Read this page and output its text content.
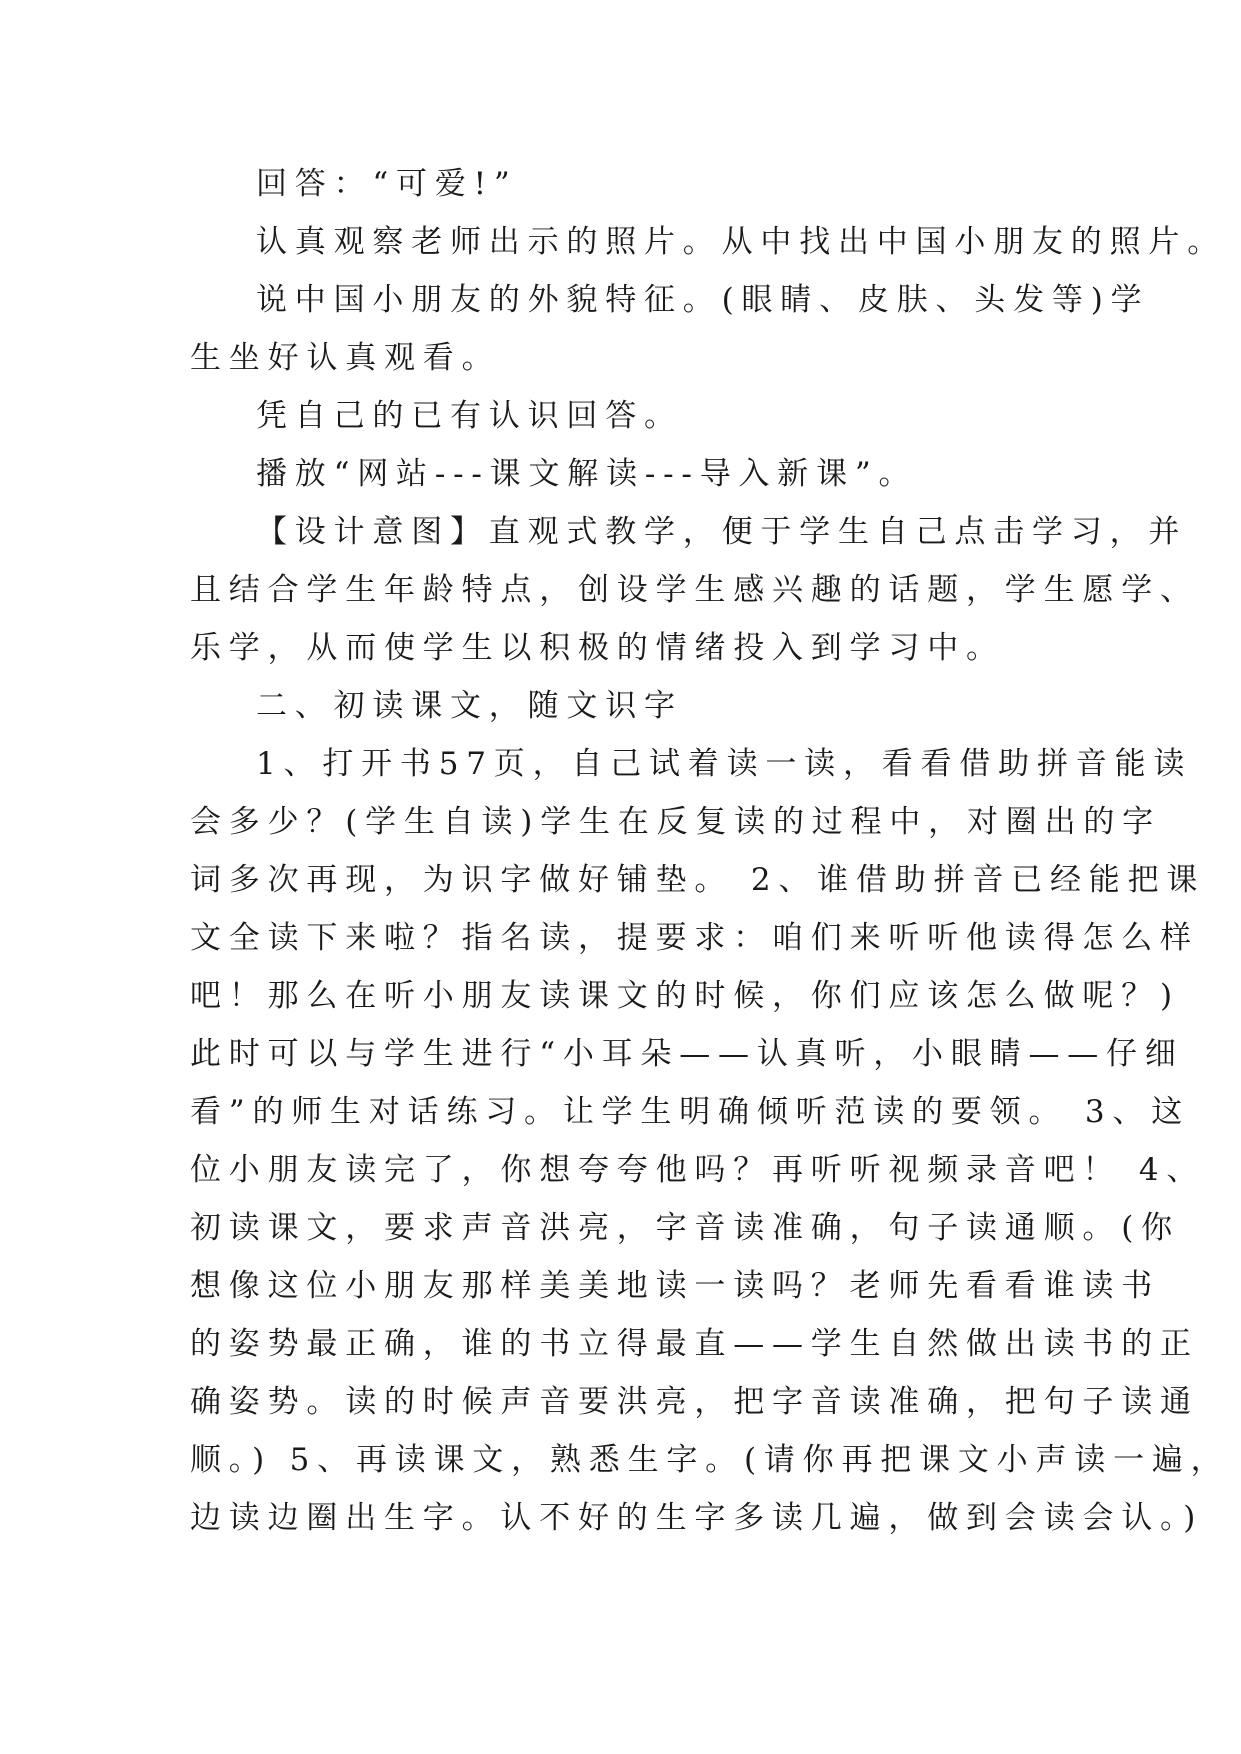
回答：“可爱!”
认真观察老师出示的照片。从中找出中国小朋友的照片。
说中国小朋友的外貌特征。(眼睛、皮肤、头发等)学
生坐好认真观看。
凭自己的已有认识回答。
播放“网站---课文解读---导入新课”。
【设计意图】直观式教学，便于学生自己点击学习，并
且结合学生年龄特点，创设学生感兴趣的话题，学生愿学、
乐学，从而使学生以积极的情绪投入到学习中。
二、初读课文，随文识字
1、打开书57页，自己试着读一读，看看借助拼音能读
会多少？(学生自读)学生在反复读的过程中，对圈出的字
词多次再现，为识字做好铺垫。 2、谁借助拼音已经能把课
文全读下来啦？指名读，提要求：咱们来听听他读得怎么样
吧！那么在听小朋友读课文的时候，你们应该怎么做呢？)
此时可以与学生进行“小耳朵——认真听，小眼睛——仔细
看”的师生对话练习。让学生明确倾听范读的要领。 3、这
位小朋友读完了，你想夸夸他吗？再听听视频录音吧！ 4、
初读课文，要求声音洪亮，字音读准确，句子读通顺。(你
想像这位小朋友那样美美地读一读吗？老师先看看谁读书
的姿势最正确，谁的书立得最直——学生自然做出读书的正
确姿势。读的时候声音要洪亮，把字音读准确，把句子读通
顺。) 5、再读课文，熟悉生字。(请你再把课文小声读一遍，
边读边圈出生字。认不好的生字多读几遍，做到会读会认。)
